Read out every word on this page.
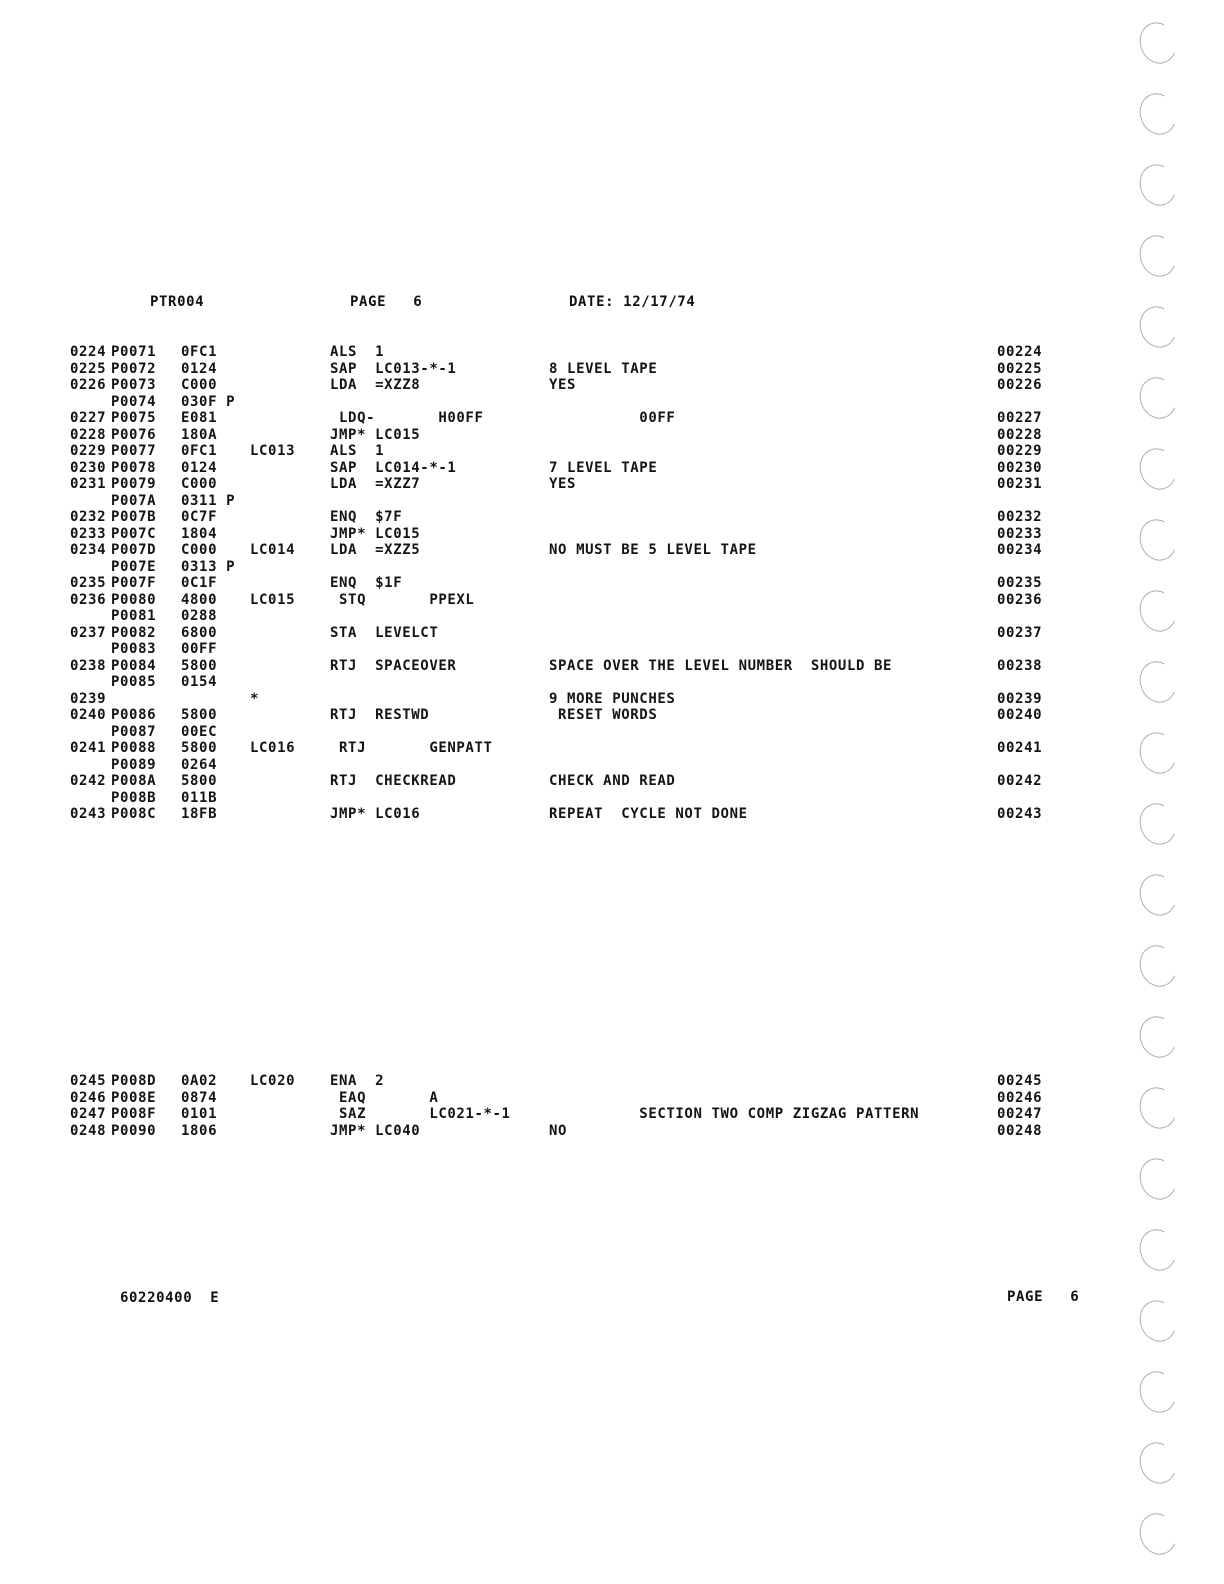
PTR004	PAGE   6	DATE: 12/17/74
0224 P0071 0FC1	ALS  1	00224
0225 P0072 0124	SAP  LC013-*-1	8 LEVEL TAPE	00225
0226 P0073 C000	LDA  =XZZ8	YES	00226
P0074 030F P
0227 P0075 E081	LDQ-       H00FF	00FF	00227
0228 P0076 180A	JMP* LC015	00228
0229 P0077 0FC1 LC013 ALS  1	00229
0230 P0078 0124	SAP  LC014-*-1	7 LEVEL TAPE	00230
0231 P0079 C000	LDA  =XZZ7	YES	00231
P007A 0311 P
0232 P007B 0C7F	ENQ  $7F	00232
0233 P007C 1804	JMP* LC015	00233
0234 P007D C000 LC014 LDA  =XZZ5	NO MUST BE 5 LEVEL TAPE	00234
P007E 0313 P
0235 P007F 0C1F	ENQ  $1F	00235
0236 P0080 4800 LC015 STQ       PPEXL	00236
P0081 0288
0237 P0082 6800	STA  LEVELCT	00237
P0083 00FF
0238 P0084 5800	RTJ  SPACEOVER	SPACE OVER THE LEVEL NUMBER  SHOULD BE	00238
P0085 0154
0239	*	9 MORE PUNCHES	00239
0240 P0086 5800	RTJ  RESTWD	RESET WORDS	00240
P0087 00EC
0241 P0088 5800 LC016 RTJ       GENPATT	00241
P0089 0264
0242 P008A 5800	RTJ  CHECKREAD	CHECK AND READ	00242
P008B 011B
0243 P008C 18FB	JMP* LC016	REPEAT  CYCLE NOT DONE	00243
0245 P008D 0A02 LC020 ENA  2	00245
0246 P008E 0874	EAQ       A	00246
0247 P008F 0101	SAZ       LC021-*-1	SECTION TWO COMP ZIGZAG PATTERN	00247
0248 P0090 1806	JMP* LC040	NO	00248
60220400  E	PAGE   6
